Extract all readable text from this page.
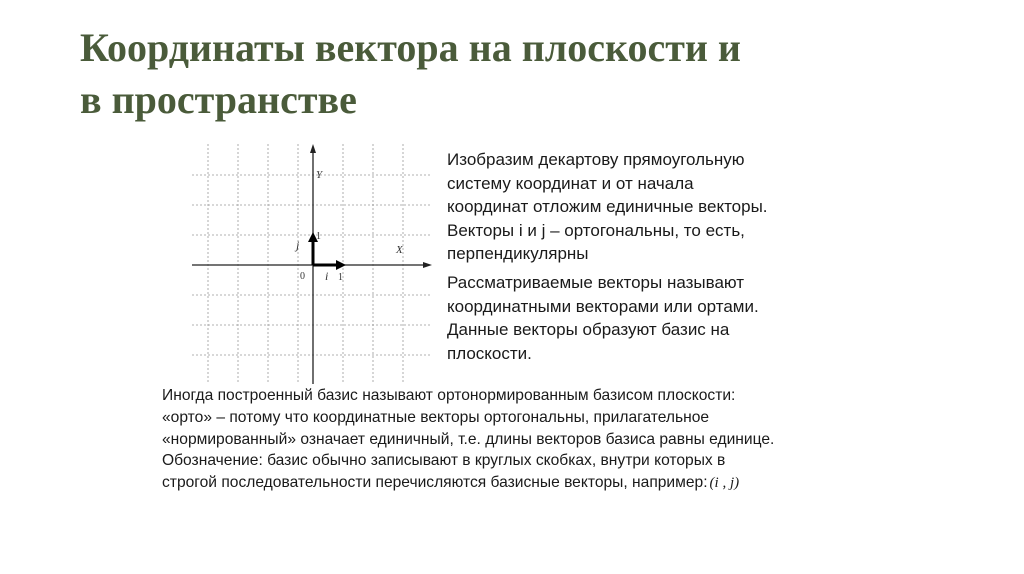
Координаты вектора на плоскости и
в пространстве
Y
X
0 i
j
1
1
Изобразим декартову прямоугольную
систему координат и от начала
координат отложим единичные векторы.
Векторы i и j – ортогональны, то есть,
перпендикулярны
Рассматриваемые векторы называют
координатными векторами или ортами.
Данные векторы образуют базис на
плоскости.
Иногда построенный базис называют ортонормированным базисом плоскости:
«орто» – потому что координатные векторы ортогональны, прилагательное
«нормированный» означает единичный, т.е. длины векторов базиса равны единице.
Обозначение: базис обычно записывают в круглых скобках, внутри которых в
строгой последовательности перечисляются базисные векторы, например: (i , j)
